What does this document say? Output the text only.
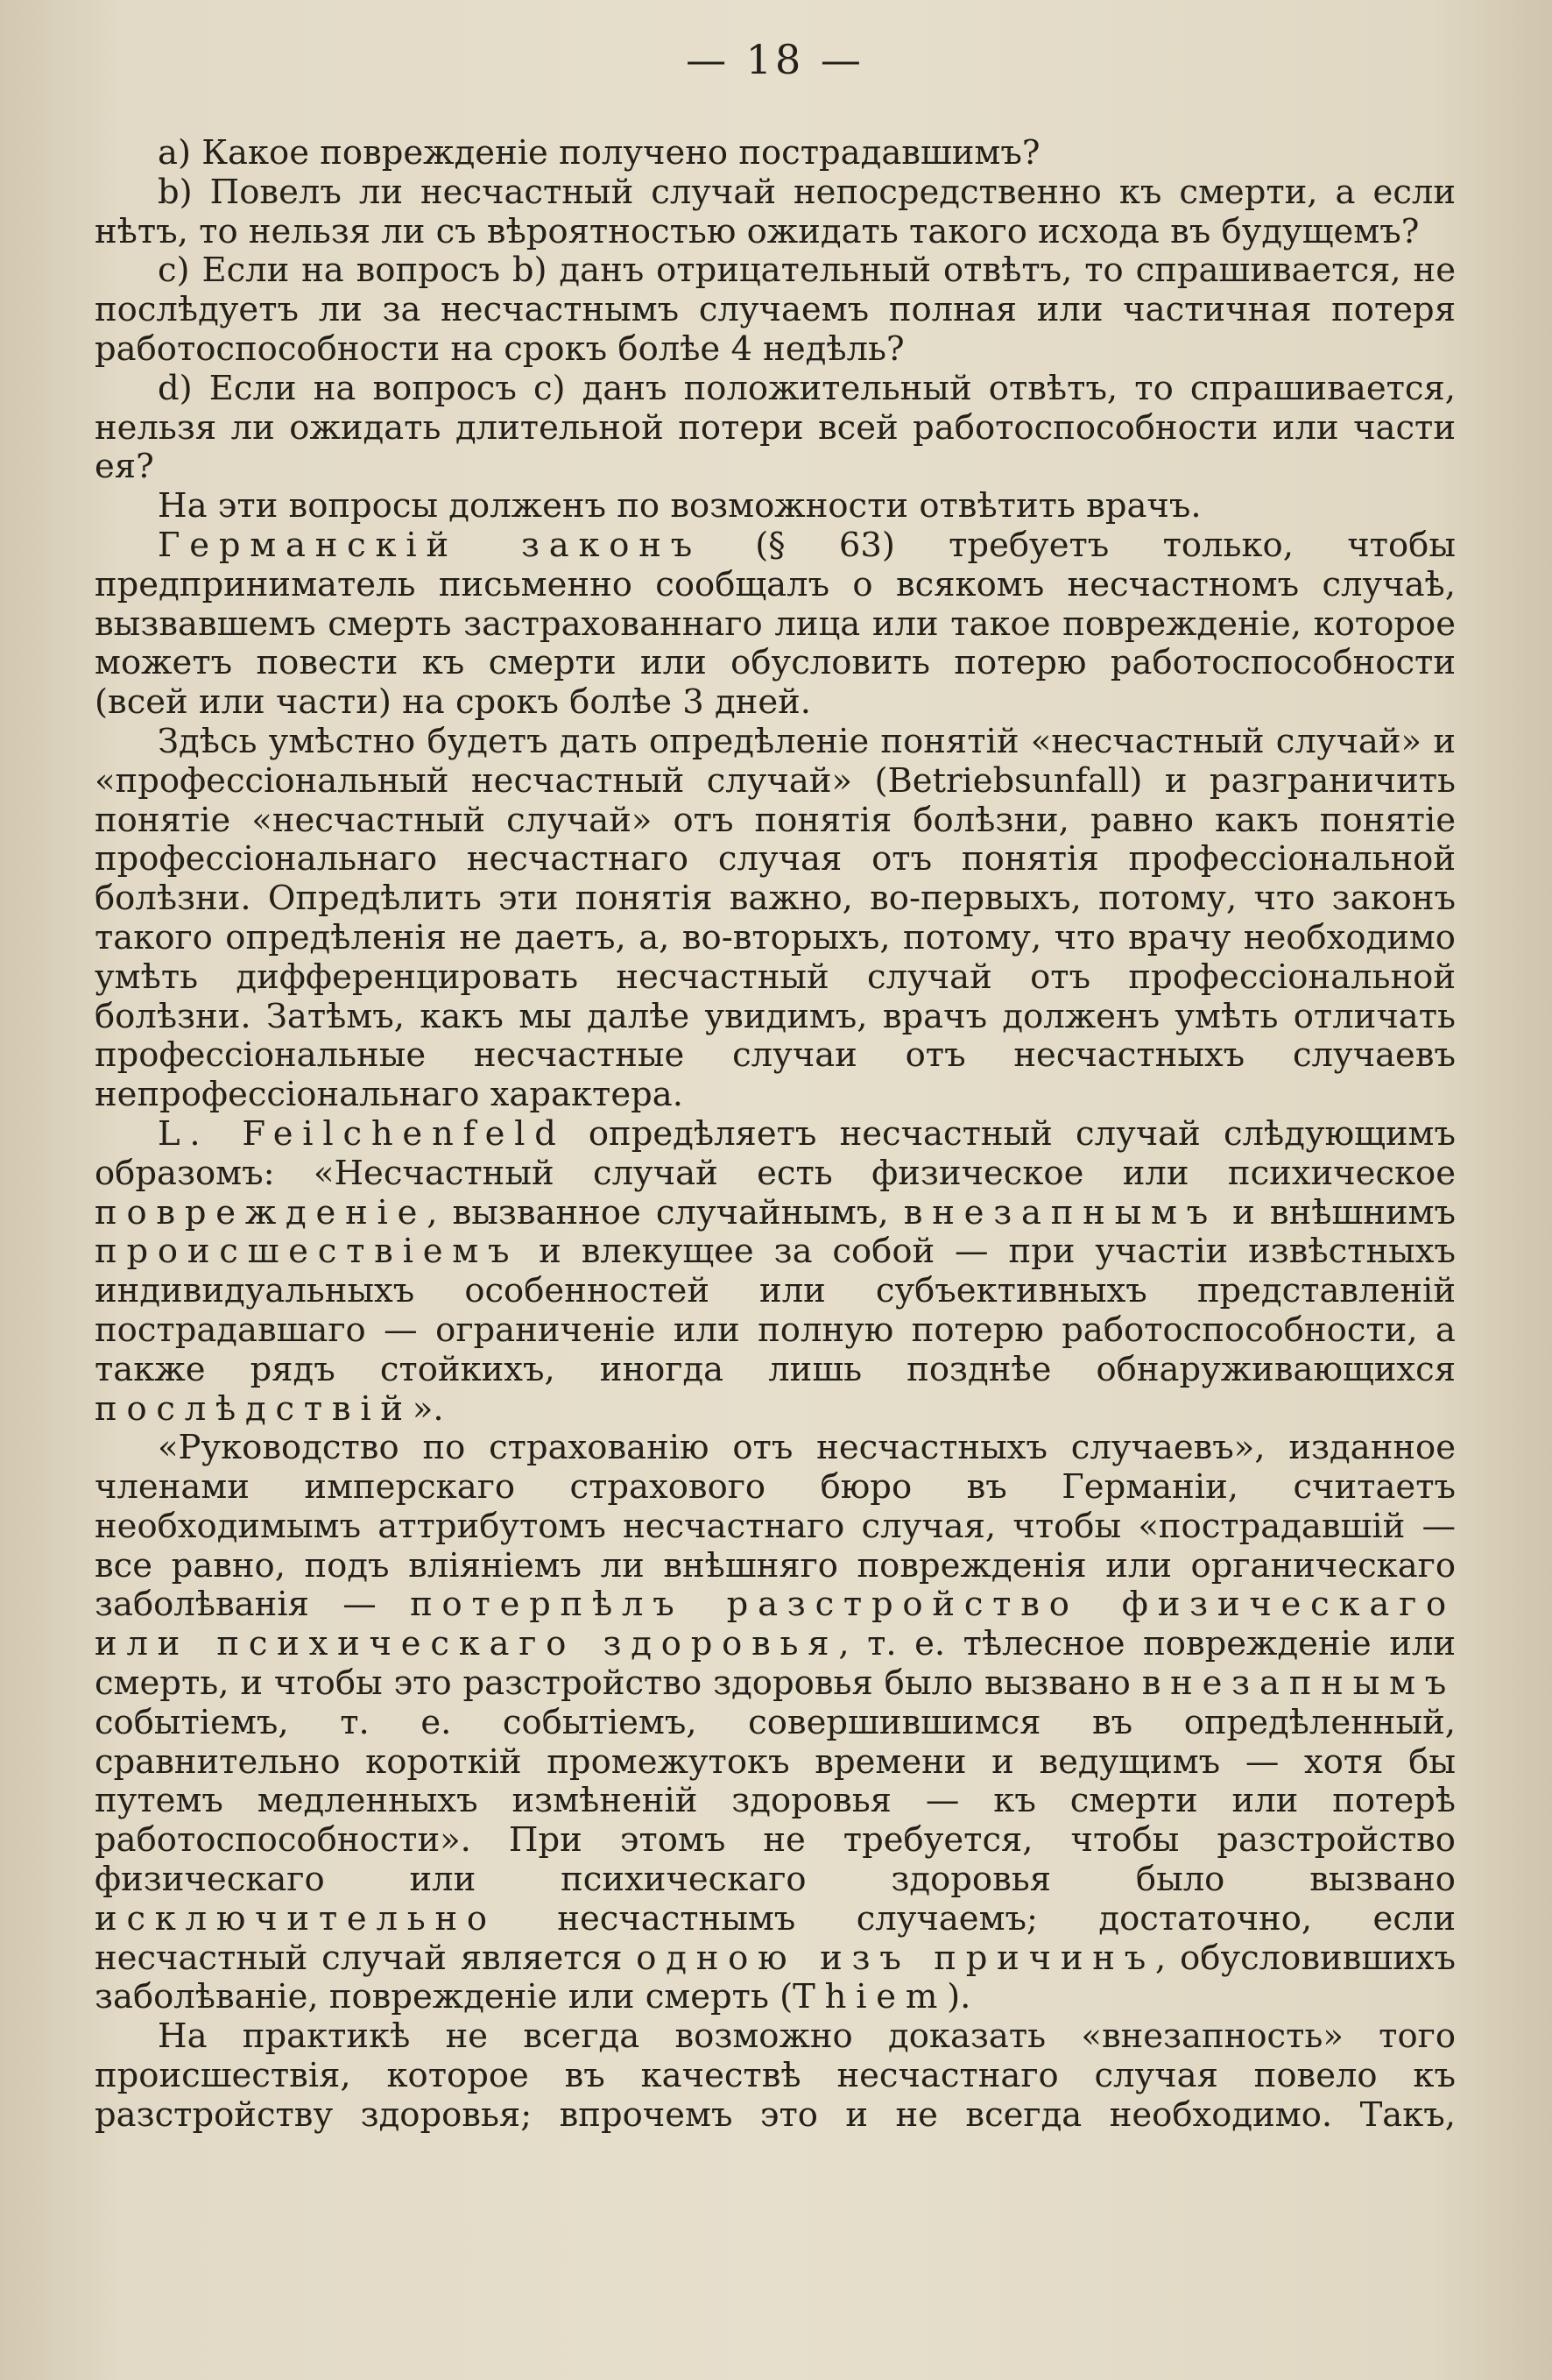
— 18 —

a) Какое поврежденіе получено пострадавшимъ?

b) Повелъ ли несчастный случай непосредственно къ смерти, а если нѣтъ, то нельзя ли съ вѣроятностью ожидать такого исхода въ будущемъ?

c) Если на вопросъ b) данъ отрицательный отвѣтъ, то спрашивается, не послѣдуетъ ли за несчастнымъ случаемъ полная или частичная потеря работоспособности на срокъ болѣе 4 недѣль?

d) Если на вопросъ c) данъ положительный отвѣтъ, то спрашивается, нельзя ли ожидать длительной потери всей работоспособности или части ея?

На эти вопросы долженъ по возможности отвѣтить врачъ.

Германскій законъ (§ 63) требуетъ только, чтобы предприниматель письменно сообщалъ о всякомъ несчастномъ случаѣ, вызвавшемъ смерть застрахованнаго лица или такое поврежденіе, которое можетъ повести къ смерти или обусловить потерю работоспособности (всей или части) на срокъ болѣе 3 дней.

Здѣсь умѣстно будетъ дать опредѣленіе понятій «несчастный случай» и «профессіональный несчастный случай» (Betriebsunfall) и разграничить понятіе «несчастный случай» отъ понятія болѣзни, равно какъ понятіе профессіональнаго несчастнаго случая отъ понятія профессіональной болѣзни. Опредѣлить эти понятія важно, во-первыхъ, потому, что законъ такого опредѣленія не даетъ, а, во-вторыхъ, потому, что врачу необходимо умѣть дифференцировать несчастный случай отъ профессіональной болѣзни. Затѣмъ, какъ мы далѣе увидимъ, врачъ долженъ умѣть отличать профессіональные несчастные случаи отъ несчастныхъ случаевъ непрофессіональнаго характера.

L. Feilchenfeld опредѣляетъ несчастный случай слѣдующимъ образомъ: «Несчастный случай есть физическое или психическое поврежденіе, вызванное случайнымъ, внезапнымъ и внѣшнимъ происшествіемъ и влекущее за собой — при участіи извѣстныхъ индивидуальныхъ особенностей или субъективныхъ представленій пострадавшаго — ограниченіе или полную потерю работоспособности, а также рядъ стойкихъ, иногда лишь позднѣе обнаруживающихся послѣдствій».

«Руководство по страхованію отъ несчастныхъ случаевъ», изданное членами имперскаго страхового бюро въ Германіи, считаетъ необходимымъ аттрибутомъ несчастнаго случая, чтобы «пострадавшій — все равно, подъ вліяніемъ ли внѣшняго поврежденія или органическаго заболѣванія — потерпѣлъ разстройство физическаго или психическаго здоровья, т. е. тѣлесное поврежденіе или смерть, и чтобы это разстройство здоровья было вызвано внезапнымъ событіемъ, т. е. событіемъ, совершившимся въ опредѣленный, сравнительно короткій промежутокъ времени и ведущимъ — хотя бы путемъ медленныхъ измѣненій здоровья — къ смерти или потерѣ работоспособности». При этомъ не требуется, чтобы разстройство физическаго или психическаго здоровья было вызвано исключительно несчастнымъ случаемъ; достаточно, если несчастный случай является одною изъ причинъ, обусловившихъ заболѣваніе, поврежденіе или смерть (Thiem).

На практикѣ не всегда возможно доказать «внезапность» того происшествія, которое въ качествѣ несчастнаго случая повело къ разстройству здоровья; впрочемъ это и не всегда необходимо. Такъ,
